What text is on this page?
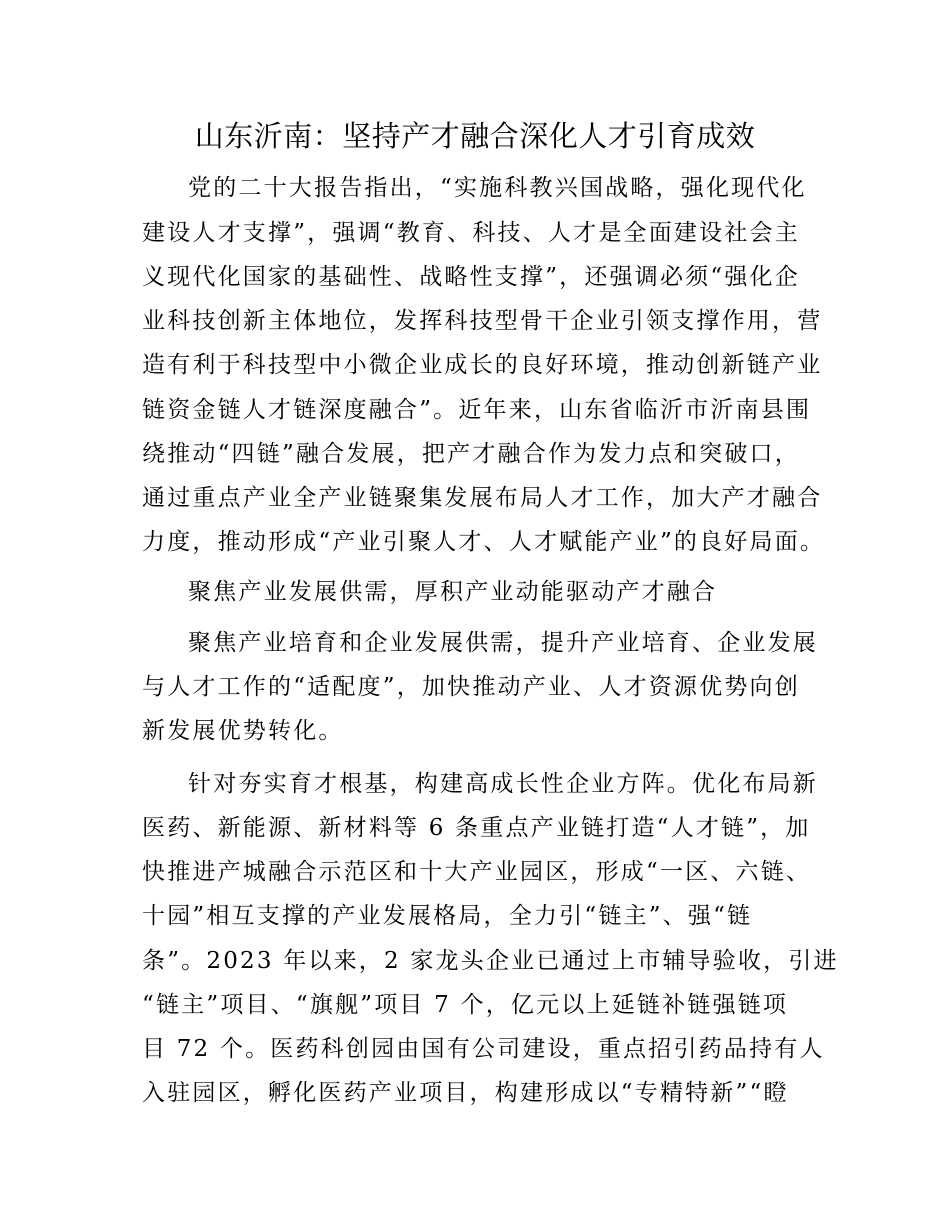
山东沂南：坚持产才融合深化人才引育成效
党的二十大报告指出，“实施科教兴国战略，强化现代化
建设人才支撑”，强调“教育、科技、人才是全面建设社会主
义现代化国家的基础性、战略性支撑”，还强调必须“强化企
业科技创新主体地位，发挥科技型骨干企业引领支撑作用，营
造有利于科技型中小微企业成长的良好环境，推动创新链产业
链资金链人才链深度融合”。近年来，山东省临沂市沂南县围
绕推动“四链”融合发展，把产才融合作为发力点和突破口，
通过重点产业全产业链聚集发展布局人才工作，加大产才融合
力度，推动形成“产业引聚人才、人才赋能产业”的良好局面。
聚焦产业发展供需，厚积产业动能驱动产才融合
聚焦产业培育和企业发展供需，提升产业培育、企业发展
与人才工作的“适配度”，加快推动产业、人才资源优势向创
新发展优势转化。
针对夯实育才根基，构建高成长性企业方阵。优化布局新
医药、新能源、新材料等 6 条重点产业链打造“人才链”，加
快推进产城融合示范区和十大产业园区，形成“一区、六链、
十园”相互支撑的产业发展格局，全力引“链主”、强“链
条”。2023 年以来，2 家龙头企业已通过上市辅导验收，引进
“链主”项目、“旗舰”项目 7 个，亿元以上延链补链强链项
目 72 个。医药科创园由国有公司建设，重点招引药品持有人
入驻园区，孵化医药产业项目，构建形成以“专精特新”“瞪
